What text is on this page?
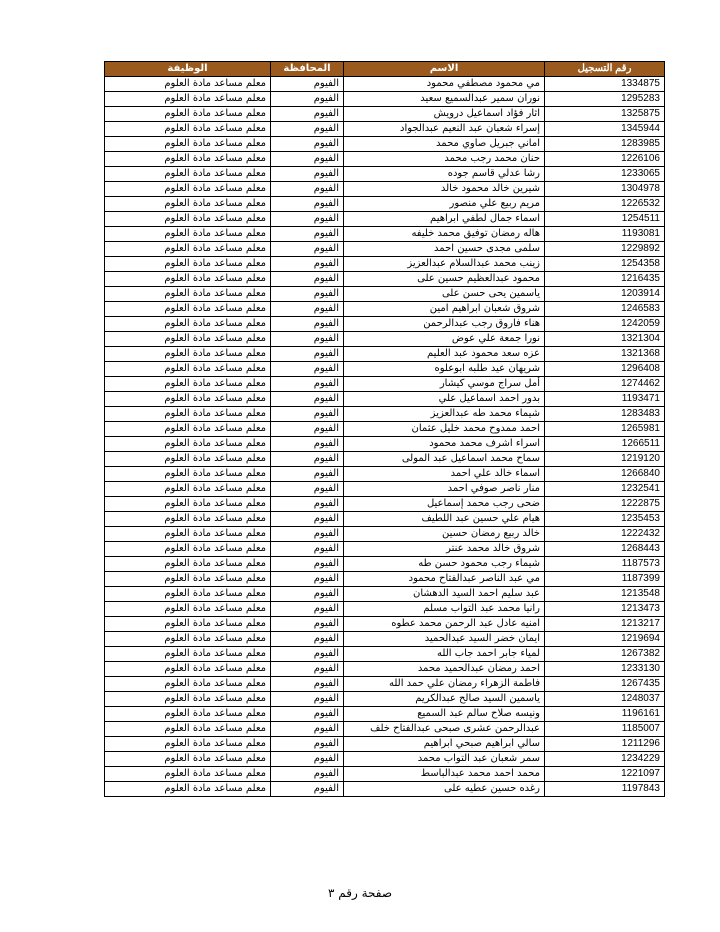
الوظيفة	المحافظة	الاسم	رقم التسجيل
معلم مساعد مادة العلوم	الفيوم	مي محمود مصطفي محمود	1334875
معلم مساعد مادة العلوم	الفيوم	نوران سمير عبدالسميع سعيد	1295283
معلم مساعد مادة العلوم	الفيوم	اثار فؤاد اسماعيل درويش	1325875
معلم مساعد مادة العلوم	الفيوم	إسراء شعبان عبد النعيم عبدالجواد	1345944
معلم مساعد مادة العلوم	الفيوم	اماني جبريل صاوي محمد	1283985
معلم مساعد مادة العلوم	الفيوم	حنان محمد رجب محمد	1226106
معلم مساعد مادة العلوم	الفيوم	رشا عدلي قاسم جوده	1233065
معلم مساعد مادة العلوم	الفيوم	شيرين خالد محمود خالد	1304978
معلم مساعد مادة العلوم	الفيوم	مريم ربيع علي منصور	1226532
معلم مساعد مادة العلوم	الفيوم	اسماء جمال لطفي ابراهيم	1254511
معلم مساعد مادة العلوم	الفيوم	هاله رمضان توفيق محمد خليفه	1193081
معلم مساعد مادة العلوم	الفيوم	سلمى مجدى حسين احمد	1229892
معلم مساعد مادة العلوم	الفيوم	زينب محمد عبدالسلام عبدالعزيز	1254358
معلم مساعد مادة العلوم	الفيوم	محمود عبدالعظيم حسين على	1216435
معلم مساعد مادة العلوم	الفيوم	ياسمين يحى حسن على	1203914
معلم مساعد مادة العلوم	الفيوم	شروق شعبان ابراهيم امين	1246583
معلم مساعد مادة العلوم	الفيوم	هناء فاروق رجب عبدالرحمن	1242059
معلم مساعد مادة العلوم	الفيوم	نورا جمعة علي عوض	1321304
معلم مساعد مادة العلوم	الفيوم	عزه سعد محمود عبد العليم	1321368
معلم مساعد مادة العلوم	الفيوم	شريهان عيد طلبه ابوعلوه	1296408
معلم مساعد مادة العلوم	الفيوم	أمل سراج موسي كيشار	1274462
معلم مساعد مادة العلوم	الفيوم	بدور احمد اسماعيل علي	1193471
معلم مساعد مادة العلوم	الفيوم	شيماء محمد طه عبدالعزيز	1283483
معلم مساعد مادة العلوم	الفيوم	احمد ممدوح محمد خليل عثمان	1265981
معلم مساعد مادة العلوم	الفيوم	اسراء اشرف محمد محمود	1266511
معلم مساعد مادة العلوم	الفيوم	سماح محمد اسماعيل عبد المولى	1219120
معلم مساعد مادة العلوم	الفيوم	اسماء خالد علي احمد	1266840
معلم مساعد مادة العلوم	الفيوم	منار ناصر صوفي احمد	1232541
معلم مساعد مادة العلوم	الفيوم	ضحى رجب محمد إسماعيل	1222875
معلم مساعد مادة العلوم	الفيوم	هيام علي حسين عبد اللطيف	1235453
معلم مساعد مادة العلوم	الفيوم	خالد ربيع رمضان حسين	1222432
معلم مساعد مادة العلوم	الفيوم	شروق خالد محمد عنتر	1268443
معلم مساعد مادة العلوم	الفيوم	شيماء رجب محمود حسن طه	1187573
معلم مساعد مادة العلوم	الفيوم	مي عبد الناصر عبدالفتاح محمود	1187399
معلم مساعد مادة العلوم	الفيوم	عبد سليم احمد السيد الدهشان	1213548
معلم مساعد مادة العلوم	الفيوم	رانيا محمد عبد التواب مسلم	1213473
معلم مساعد مادة العلوم	الفيوم	امنيه عادل عبد الرحمن محمد عطوه	1213217
معلم مساعد مادة العلوم	الفيوم	ايمان خضر السيد عبدالحميد	1219694
معلم مساعد مادة العلوم	الفيوم	لمياء جابر احمد جاب الله	1267382
معلم مساعد مادة العلوم	الفيوم	احمد رمضان عبدالحميد محمد	1233130
معلم مساعد مادة العلوم	الفيوم	فاطمة الزهراء رمضان علي حمد الله	1267435
معلم مساعد مادة العلوم	الفيوم	ياسمين السيد صالح عبدالكريم	1248037
معلم مساعد مادة العلوم	الفيوم	ونيسه صلاح سالم عبد السميع	1196161
معلم مساعد مادة العلوم	الفيوم	عبدالرحمن عشرى صبحى عبدالفتاح خلف	1185007
معلم مساعد مادة العلوم	الفيوم	سالي ابراهيم صبحي ابراهيم	1211296
معلم مساعد مادة العلوم	الفيوم	سمر شعبان عبد التواب محمد	1234229
معلم مساعد مادة العلوم	الفيوم	محمد احمد محمد عبدالباسط	1221097
معلم مساعد مادة العلوم	الفيوم	رغده حسين عطيه على	1197843
صفحة رقم ٣
